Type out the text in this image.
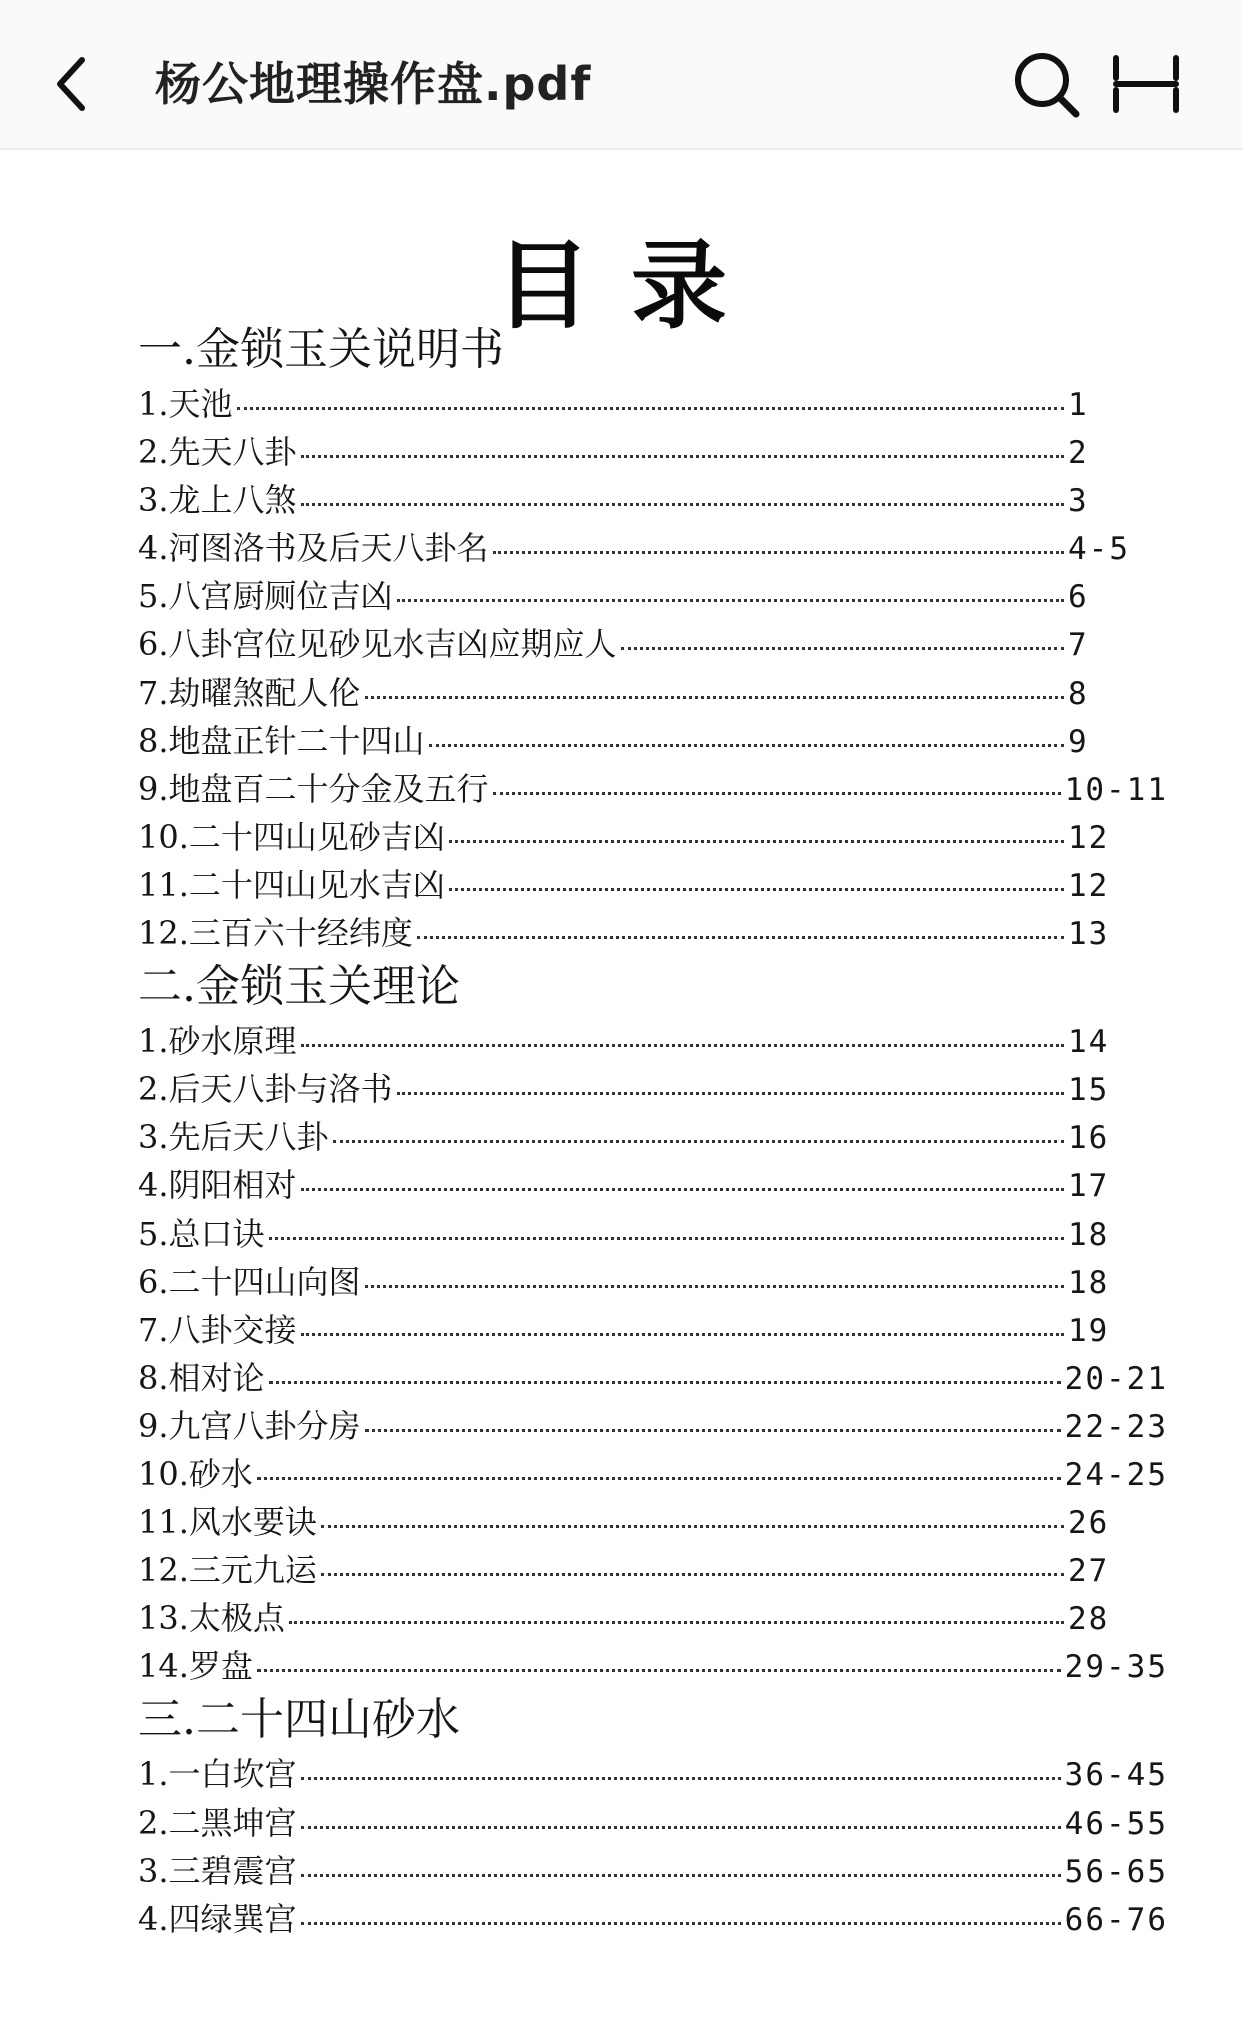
杨公地理操作盘.pdf
目录
一.金锁玉关说明书
1.天池	1
2.先天八卦	2
3.龙上八煞	3
4.河图洛书及后天八卦名	4-5
5.八宫厨厕位吉凶	6
6.八卦宫位见砂见水吉凶应期应人	7
7.劫曜煞配人伦	8
8.地盘正针二十四山	9
9.地盘百二十分金及五行	10-11
10.二十四山见砂吉凶	12
11.二十四山见水吉凶	12
12.三百六十经纬度	13
二.金锁玉关理论
1.砂水原理	14
2.后天八卦与洛书	15
3.先后天八卦	16
4.阴阳相对	17
5.总口诀	18
6.二十四山向图	18
7.八卦交接	19
8.相对论	20-21
9.九宫八卦分房	22-23
10.砂水	24-25
11.风水要诀	26
12.三元九运	27
13.太极点	28
14.罗盘	29-35
三.二十四山砂水
1.一白坎宫	36-45
2.二黑坤宫	46-55
3.三碧震宫	56-65
4.四绿巽宫	66-76
